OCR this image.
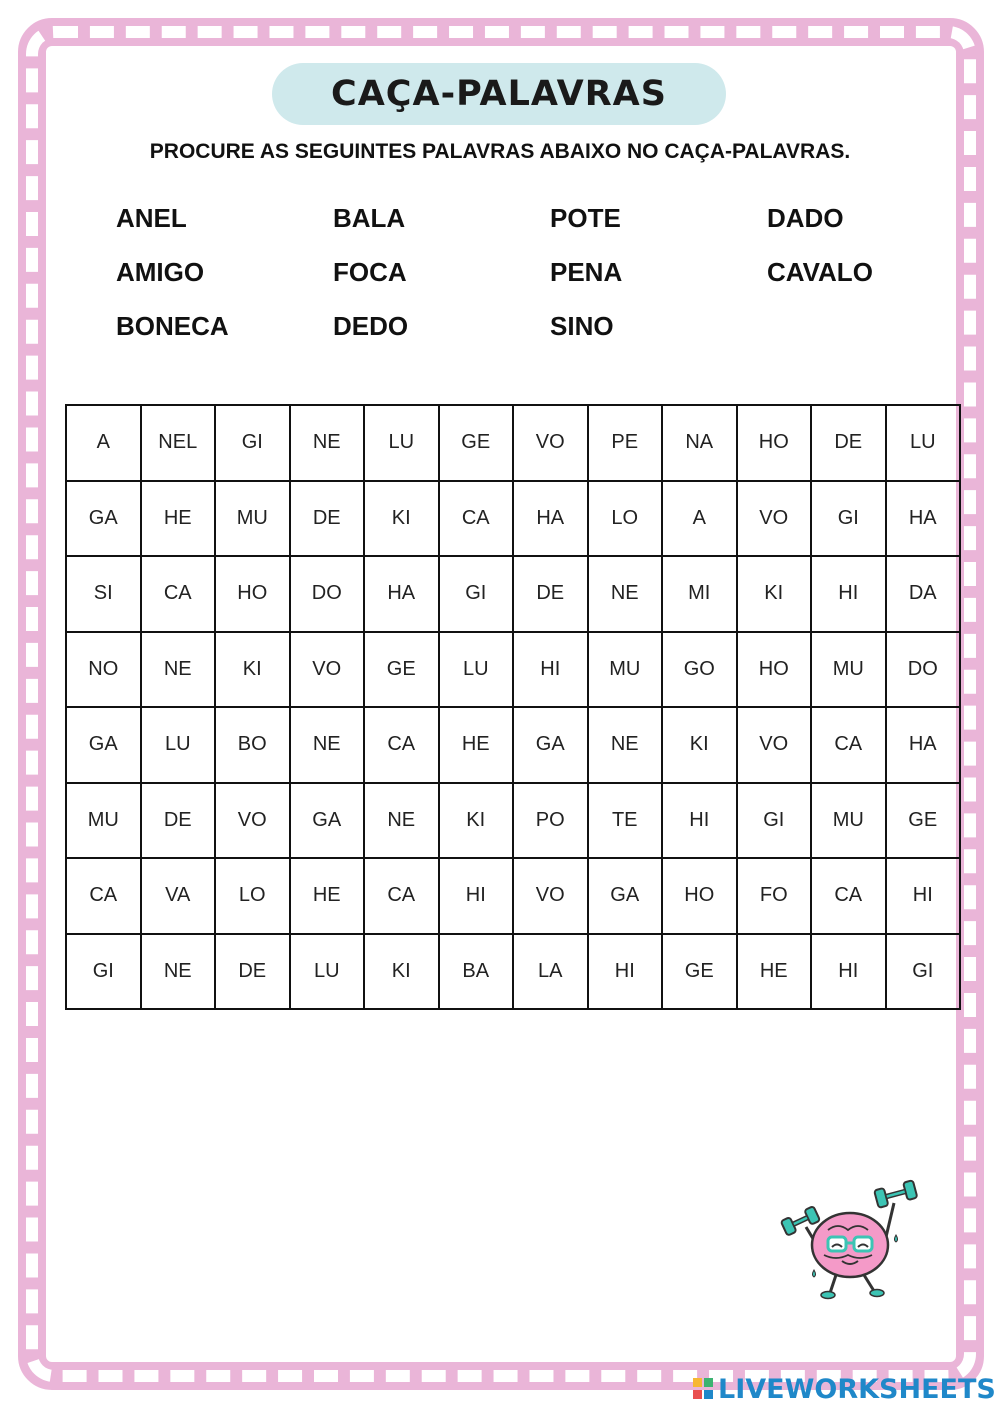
CAÇA-PALAVRAS
PROCURE AS SEGUINTES PALAVRAS ABAIXO NO CAÇA-PALAVRAS.
ANEL	BALA	POTE	DADO
AMIGO	FOCA	PENA	CAVALO
BONECA	DEDO	SINO
A	NEL	GI	NE	LU	GE	VO	PE	NA	HO	DE	LU
GA	HE	MU	DE	KI	CA	HA	LO	A	VO	GI	HA
SI	CA	HO	DO	HA	GI	DE	NE	MI	KI	HI	DA
NO	NE	KI	VO	GE	LU	HI	MU	GO	HO	MU	DO
GA	LU	BO	NE	CA	HE	GA	NE	KI	VO	CA	HA
MU	DE	VO	GA	NE	KI	PO	TE	HI	GI	MU	GE
CA	VA	LO	HE	CA	HI	VO	GA	HO	FO	CA	HI
GI	NE	DE	LU	KI	BA	LA	HI	GE	HE	HI	GI
LIVEWORKSHEETS
